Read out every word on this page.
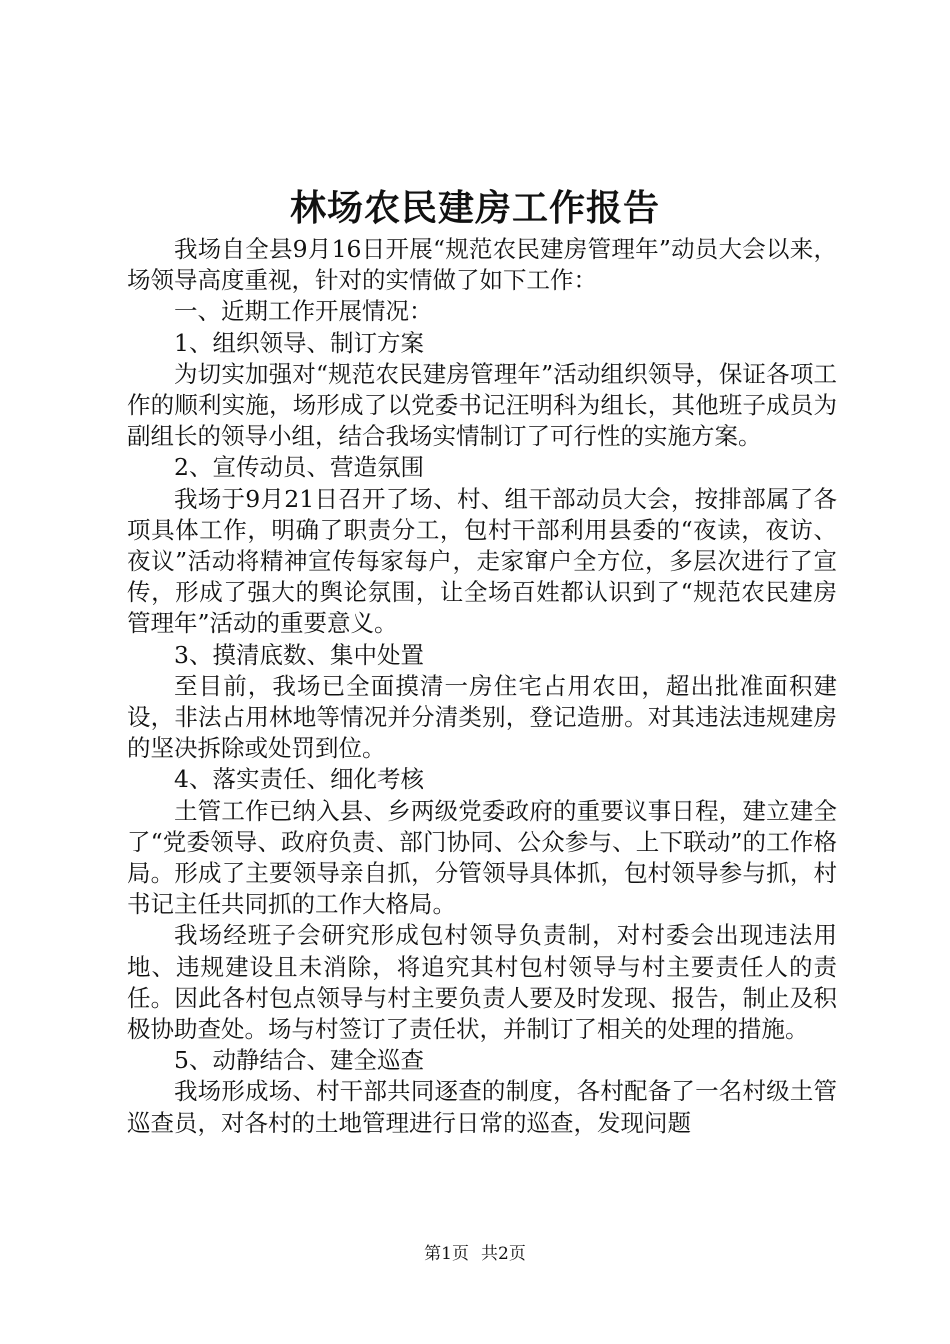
林场农民建房工作报告

我场自全县9月16日开展“规范农民建房管理年”动员大会以来，场领导高度重视，针对的实情做了如下工作：

一、近期工作开展情况：

1、组织领导、制订方案

为切实加强对“规范农民建房管理年”活动组织领导，保证各项工作的顺利实施，场形成了以党委书记汪明科为组长，其他班子成员为副组长的领导小组，结合我场实情制订了可行性的实施方案。

2、宣传动员、营造氛围

我场于9月21日召开了场、村、组干部动员大会，按排部属了各项具体工作，明确了职责分工，包村干部利用县委的“夜读，夜访、夜议”活动将精神宣传每家每户，走家窜户全方位，多层次进行了宣传，形成了强大的舆论氛围，让全场百姓都认识到了“规范农民建房管理年”活动的重要意义。

3、摸清底数、集中处置

至目前，我场已全面摸清一房住宅占用农田，超出批准面积建设，非法占用林地等情况并分清类别，登记造册。对其违法违规建房的坚决拆除或处罚到位。

4、落实责任、细化考核

土管工作已纳入县、乡两级党委政府的重要议事日程，建立建全了“党委领导、政府负责、部门协同、公众参与、上下联动”的工作格局。形成了主要领导亲自抓，分管领导具体抓，包村领导参与抓，村书记主任共同抓的工作大格局。

我场经班子会研究形成包村领导负责制，对村委会出现违法用地、违规建设且未消除，将追究其村包村领导与村主要责任人的责任。因此各村包点领导与村主要负责人要及时发现、报告，制止及积极协助查处。场与村签订了责任状，并制订了相关的处理的措施。

5、动静结合、建全巡查

我场形成场、村干部共同逐查的制度，各村配备了一名村级土管巡查员，对各村的土地管理进行日常的巡查，发现问题

第1页 共2页
